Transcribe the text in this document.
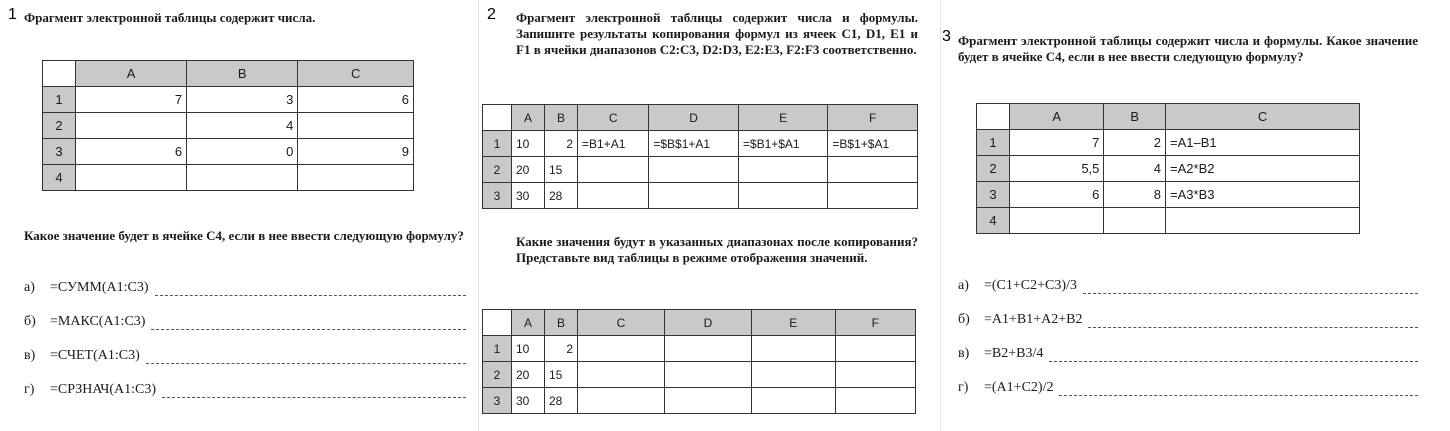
1 Фрагмент электронной таблицы содержит числа.

	A	B	C
1	7	3	6
2		4	
3	6	0	9
4			

Какое значение будет в ячейке С4, если в нее ввести следующую формулу?

а)	=СУММ(А1:С3)
б)	=МАКС(А1:С3)
в)	=СЧЕТ(А1:С3)
г)	=СРЗНАЧ(А1:С3)
2 Фрагмент электронной таблицы содержит числа и формулы. Запишите результаты копирования формул из ячеек C1, D1, E1 и F1 в ячейки диапазонов C2:C3, D2:D3, E2:E3, F2:F3 соответственно.

	A	B	C	D	E	F
1	10	2	=B1+A1	=$B$1+A1	=$B1+$A1	=B$1+$A1
2	20	15				
3	30	28				

Какие значения будут в указанных диапазонах после копирования? Представьте вид таблицы в режиме отображения значений.

	A	B	C	D	E	F
1	10	2				
2	20	15				
3	30	28				
3 Фрагмент электронной таблицы содержит числа и формулы. Какое значение будет в ячейке С4, если в нее ввести следующую формулу?

	A	B	C
1	7	2	=A1–B1
2	5,5	4	=A2*B2
3	6	8	=A3*B3
4			
а)	=(C1+C2+C3)/3
б)	=A1+B1+A2+B2
в)	=B2+B3/4
г)	=(A1+C2)/2
